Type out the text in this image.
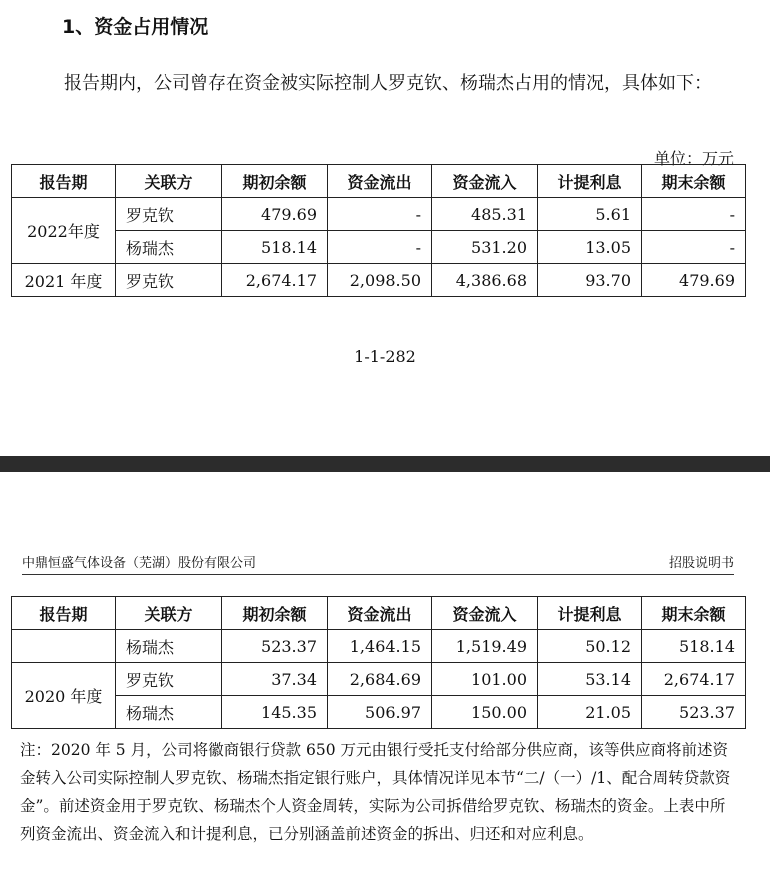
1、资金占用情况
报告期内，公司曾存在资金被实际控制人罗克钦、杨瑞杰占用的情况，具体如下：
单位：万元
报告期	关联方	期初余额	资金流出	资金流入	计提利息	期末余额
2022年度	罗克钦	479.69	-	485.31	5.61	-
	杨瑞杰	518.14	-	531.20	13.05	-
2021 年度	罗克钦	2,674.17	2,098.50	4,386.68	93.70	479.69
1-1-282
中鼎恒盛气体设备（芜湖）股份有限公司	招股说明书
报告期	关联方	期初余额	资金流出	资金流入	计提利息	期末余额
	杨瑞杰	523.37	1,464.15	1,519.49	50.12	518.14
2020 年度	罗克钦	37.34	2,684.69	101.00	53.14	2,674.17
	杨瑞杰	145.35	506.97	150.00	21.05	523.37
注：2020 年 5 月，公司将徽商银行贷款 650 万元由银行受托支付给部分供应商，该等供应商将前述资金转入公司实际控制人罗克钦、杨瑞杰指定银行账户，具体情况详见本节“二/（一）/1、配合周转贷款资金”。前述资金用于罗克钦、杨瑞杰个人资金周转，实际为公司拆借给罗克钦、杨瑞杰的资金。上表中所列资金流出、资金流入和计提利息，已分别涵盖前述资金的拆出、归还和对应利息。
